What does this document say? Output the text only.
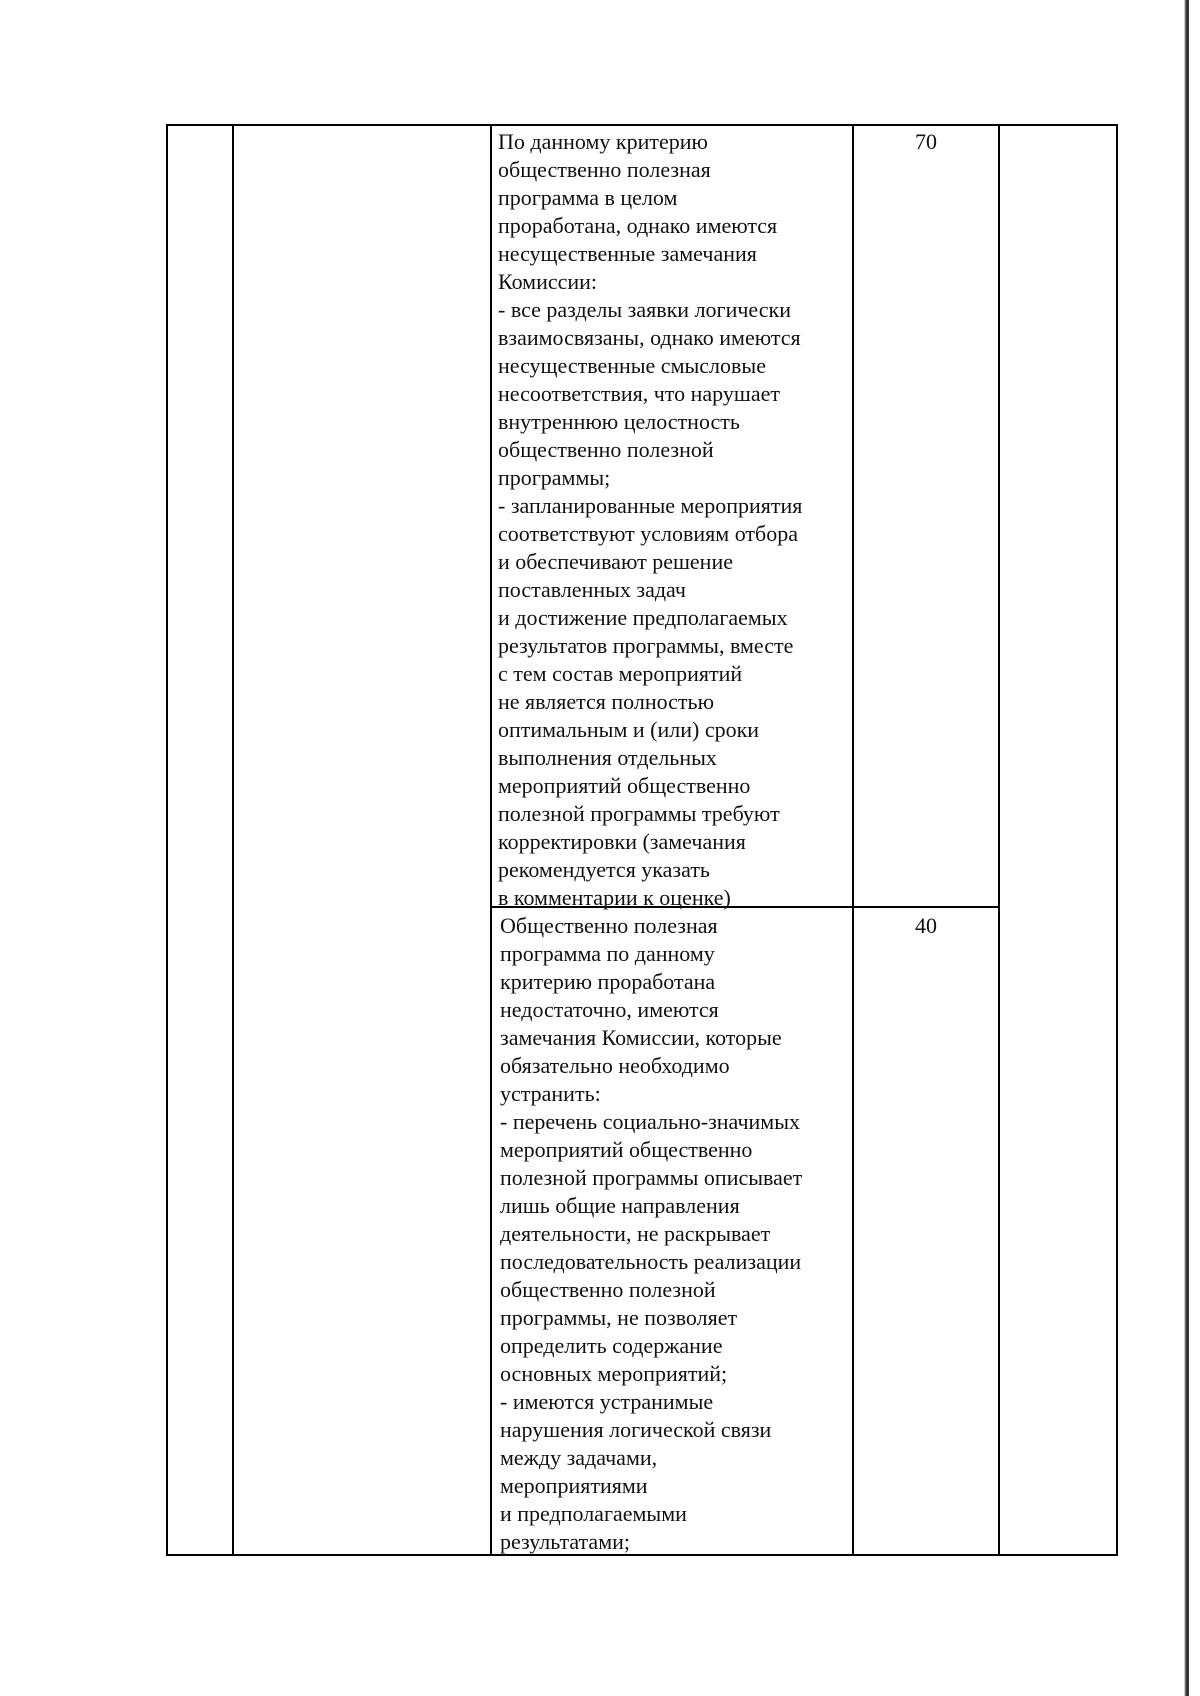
По данному критерию
общественно полезная
программа в целом
проработана, однако имеются
несущественные замечания
Комиссии:
- все разделы заявки логически
взаимосвязаны, однако имеются
несущественные смысловые
несоответствия, что нарушает
внутреннюю целостность
общественно полезной
программы;
- запланированные мероприятия
соответствуют условиям отбора
и обеспечивают решение
поставленных задач
и достижение предполагаемых
результатов программы, вместе
с тем состав мероприятий
не является полностью
оптимальным и (или) сроки
выполнения отдельных
мероприятий общественно
полезной программы требуют
корректировки (замечания
рекомендуется указать
в комментарии к оценке)
70
Общественно полезная
программа по данному
критерию проработана
недостаточно, имеются
замечания Комиссии, которые
обязательно необходимо
устранить:
- перечень социально-значимых
мероприятий общественно
полезной программы описывает
лишь общие направления
деятельности, не раскрывает
последовательность реализации
общественно полезной
программы, не позволяет
определить содержание
основных мероприятий;
- имеются устранимые
нарушения логической связи
между задачами,
мероприятиями
и предполагаемыми
результатами;
40
